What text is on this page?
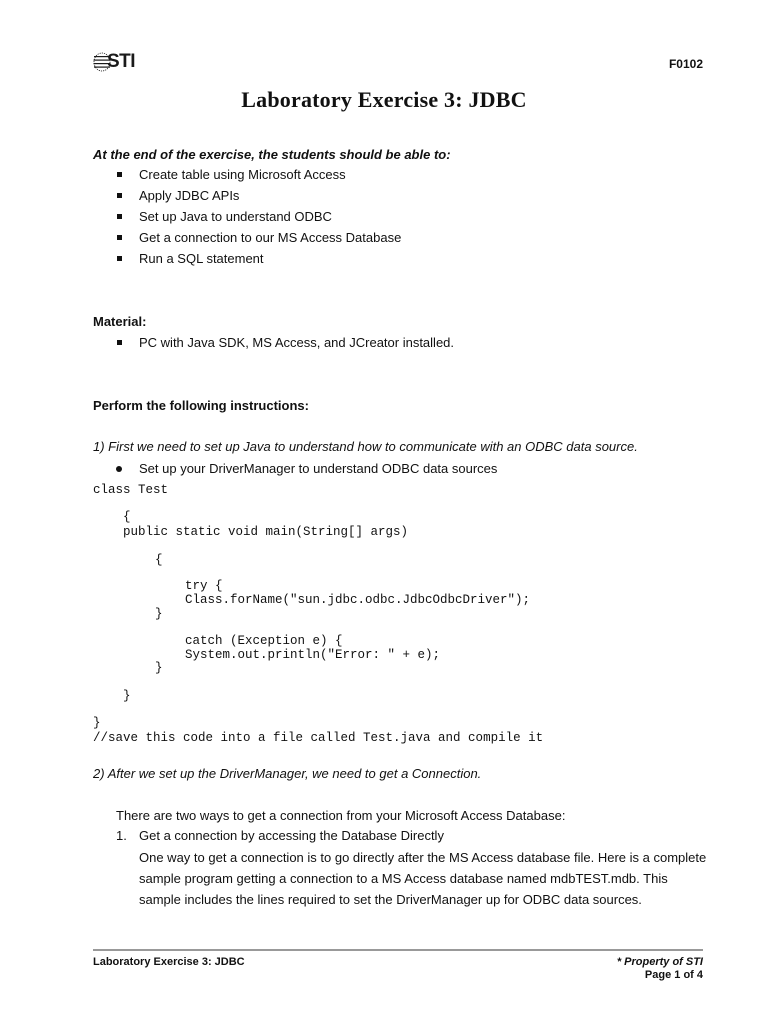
STI	F0102
Laboratory Exercise 3: JDBC
At the end of the exercise, the students should be able to:
Create table using Microsoft Access
Apply JDBC APIs
Set up Java to understand ODBC
Get a connection to our MS Access Database
Run a SQL statement
Material:
PC with Java SDK, MS Access, and JCreator installed.
Perform the following instructions:
1) First we need to set up Java to understand how to communicate with an ODBC data source.
Set up your DriverManager to understand ODBC data sources
class Test
{
public static void main(String[] args)
{
try {
Class.forName("sun.jdbc.odbc.JdbcOdbcDriver");
}
catch (Exception e) {
System.out.println("Error: " + e);
}
}
}
//save this code into a file called Test.java and compile it
2) After we set up the DriverManager, we need to get a Connection.
There are two ways to get a connection from your Microsoft Access Database:
1. Get a connection by accessing the Database Directly
One way to get a connection is to go directly after the MS Access database file. Here is a complete
sample program getting a connection to a MS Access database named mdbTEST.mdb. This
sample includes the lines required to set the DriverManager up for ODBC data sources.
Laboratory Exercise 3: JDBC	* Property of STI
Page 1 of 4
